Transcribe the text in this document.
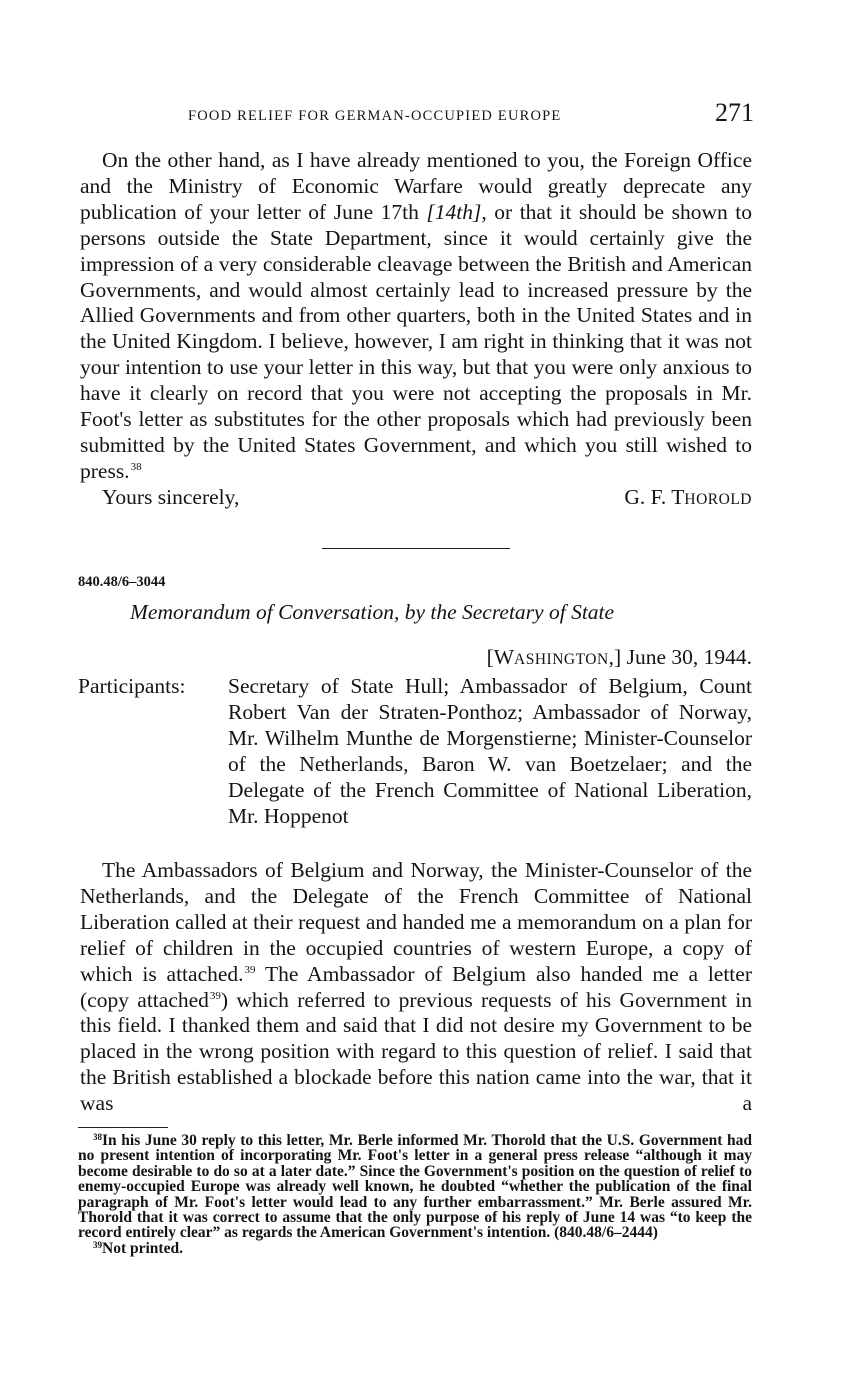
FOOD RELIEF FOR GERMAN-OCCUPIED EUROPE	271

On the other hand, as I have already mentioned to you, the Foreign Office and the Ministry of Economic Warfare would greatly deprecate any publication of your letter of June 17th [14th], or that it should be shown to persons outside the State Department, since it would certainly give the impression of a very considerable cleavage between the British and American Governments, and would almost certainly lead to increased pressure by the Allied Governments and from other quarters, both in the United States and in the United Kingdom. I believe, however, I am right in thinking that it was not your intention to use your letter in this way, but that you were only anxious to have it clearly on record that you were not accepting the proposals in Mr. Foot's letter as substitutes for the other proposals which had previously been submitted by the United States Government, and which you still wished to press.$^{38}$

Yours sincerely,	G. F. THOROLD
840.48/6–3044
Memorandum of Conversation, by the Secretary of State
[WASHINGTON,] June 30, 1944.
Participants: Secretary of State Hull; Ambassador of Belgium, Count Robert Van der Straten-Ponthoz; Ambassador of Norway, Mr. Wilhelm Munthe de Morgenstierne; Minister-Counselor of the Netherlands, Baron W. van Boetzelaer; and the Delegate of the French Committee of National Liberation, Mr. Hoppenot

The Ambassadors of Belgium and Norway, the Minister-Counselor of the Netherlands, and the Delegate of the French Committee of National Liberation called at their request and handed me a memorandum on a plan for relief of children in the occupied countries of western Europe, a copy of which is attached.$^{39}$ The Ambassador of Belgium also handed me a letter (copy attached$^{39}$) which referred to previous requests of his Government in this field. I thanked them and said that I did not desire my Government to be placed in the wrong position with regard to this question of relief. I said that the British established a blockade before this nation came into the war, that it was a

$^{38}$In his June 30 reply to this letter, Mr. Berle informed Mr. Thorold that the U.S. Government had no present intention of incorporating Mr. Foot's letter in a general press release “although it may become desirable to do so at a later date.” Since the Government's position on the question of relief to enemy-occupied Europe was already well known, he doubted “whether the publication of the final paragraph of Mr. Foot's letter would lead to any further embarrassment.” Mr. Berle assured Mr. Thorold that it was correct to assume that the only purpose of his reply of June 14 was “to keep the record entirely clear” as regards the American Government's intention. (840.48/6–2444)

$^{39}$Not printed.
